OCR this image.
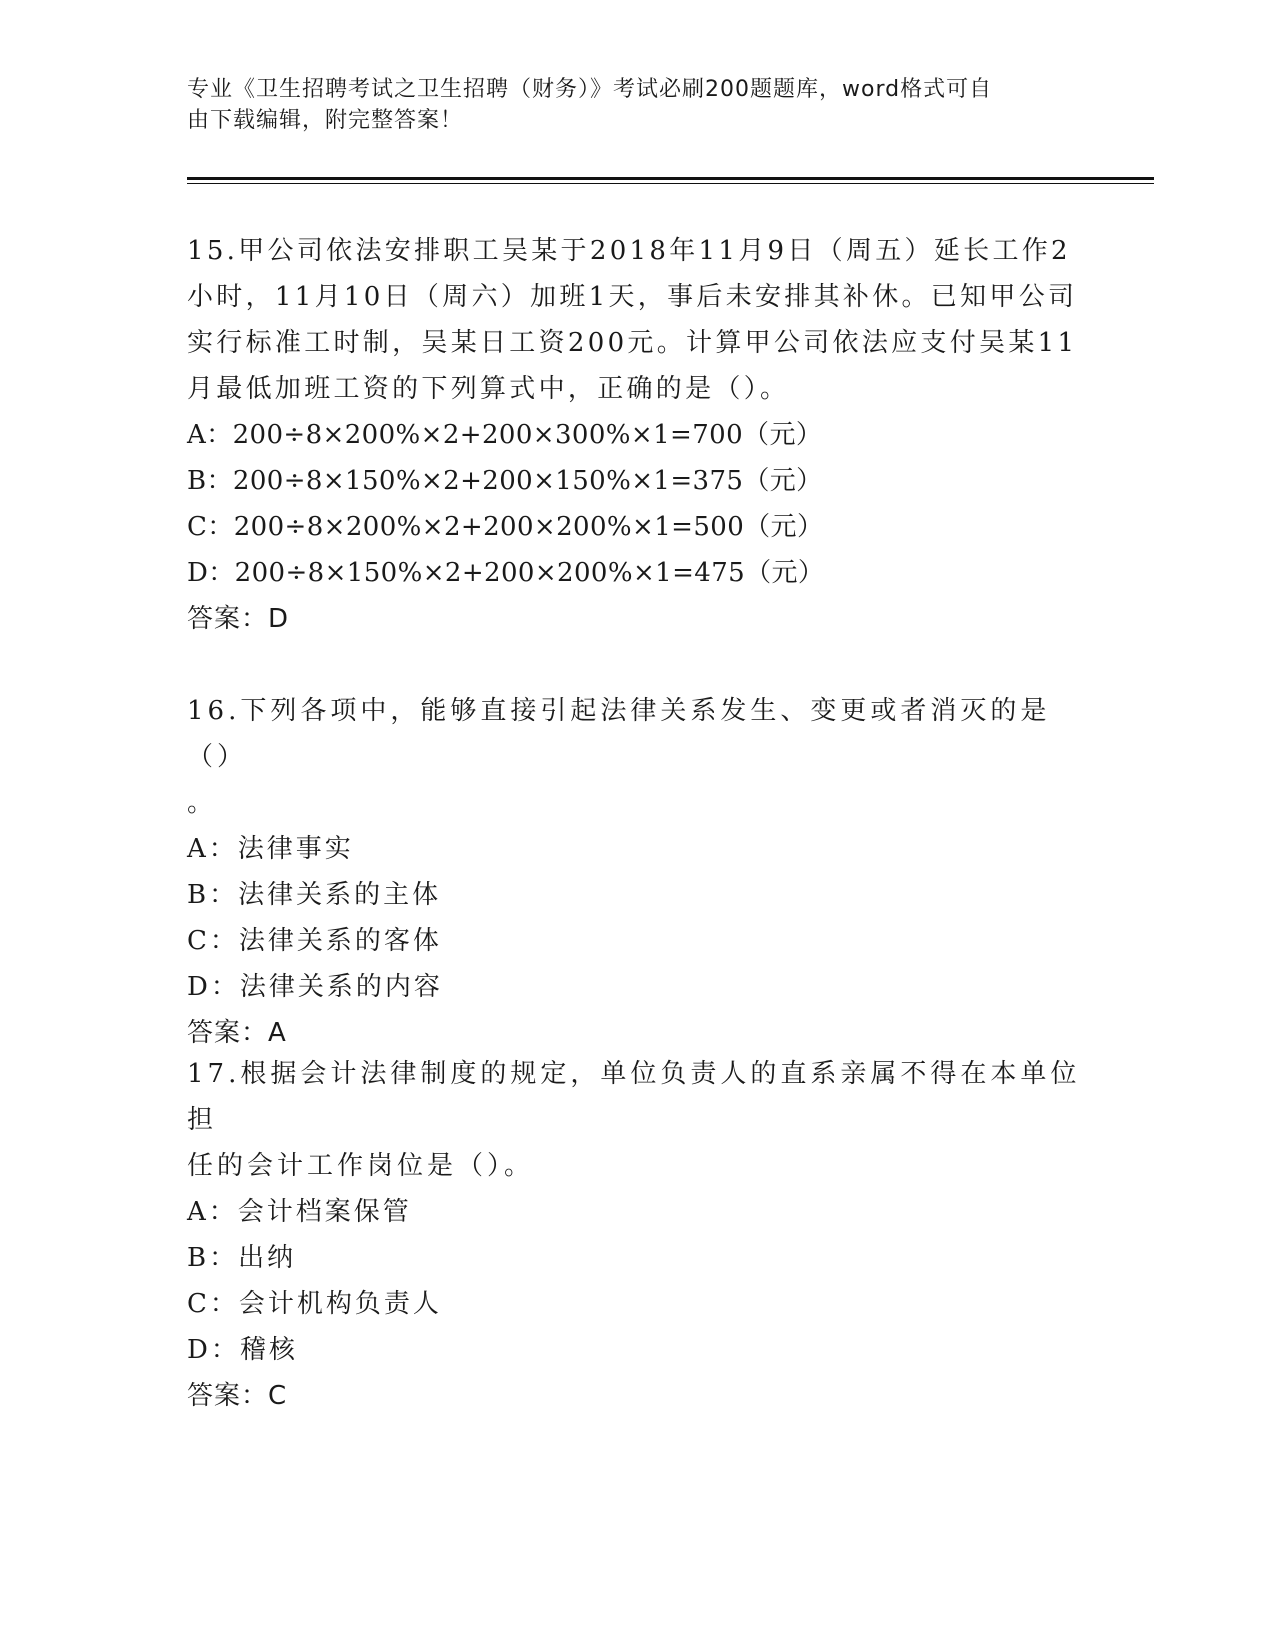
专业《卫生招聘考试之卫生招聘（财务）》考试必刷200题题库，word格式可自
由下载编辑，附完整答案！
15.甲公司依法安排职工吴某于2018年11月9日（周五）延长工作2
小时，11月10日（周六）加班1天，事后未安排其补休。已知甲公司
实行标准工时制，吴某日工资200元。计算甲公司依法应支付吴某11
月最低加班工资的下列算式中，正确的是（）。
A：200÷8×200%×2+200×300%×1=700（元）
B：200÷8×150%×2+200×150%×1=375（元）
C：200÷8×200%×2+200×200%×1=500（元）
D：200÷8×150%×2+200×200%×1=475（元）
答案：D
16.下列各项中，能够直接引起法律关系发生、变更或者消灭的是（）
。
A：法律事实
B：法律关系的主体
C：法律关系的客体
D：法律关系的内容
答案：A
17.根据会计法律制度的规定，单位负责人的直系亲属不得在本单位担
任的会计工作岗位是（）。
A：会计档案保管
B：出纳
C：会计机构负责人
D：稽核
答案：C
